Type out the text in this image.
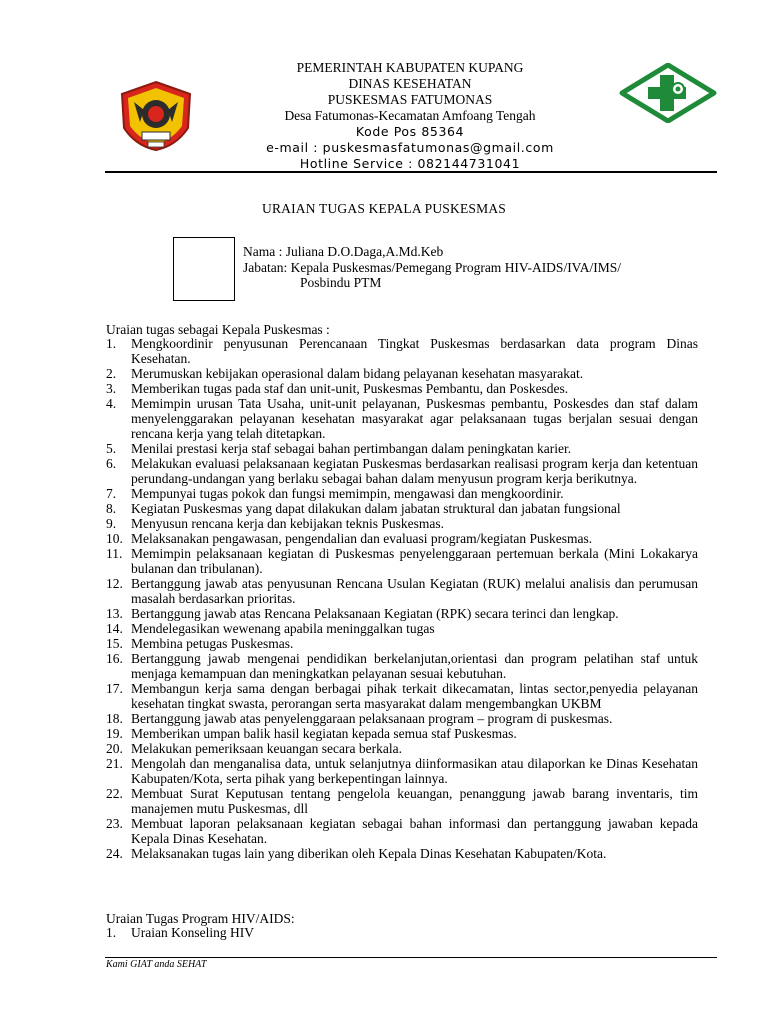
PEMERINTAH KABUPATEN KUPANG
DINAS KESEHATAN
PUSKESMAS FATUMONAS
Desa Fatumonas-Kecamatan Amfoang Tengah
Kode Pos 85364
e-mail : puskesmasfatumonas@gmail.com
Hotline Service : 082144731041
URAIAN TUGAS KEPALA PUSKESMAS
Nama : Juliana D.O.Daga,A.Md.Keb
Jabatan: Kepala Puskesmas/Pemegang Program HIV-AIDS/IVA/IMS/
Posbindu PTM
Uraian tugas sebagai Kepala Puskesmas :
1. Mengkoordinir penyusunan Perencanaan Tingkat Puskesmas berdasarkan data program Dinas Kesehatan.
2. Merumuskan kebijakan operasional dalam bidang pelayanan kesehatan masyarakat.
3. Memberikan tugas pada staf dan unit-unit, Puskesmas Pembantu, dan Poskesdes.
4. Memimpin urusan Tata Usaha, unit-unit pelayanan, Puskesmas pembantu, Poskesdes dan staf dalam menyelenggarakan pelayanan kesehatan masyarakat agar pelaksanaan tugas berjalan sesuai dengan rencana kerja yang telah ditetapkan.
5. Menilai prestasi kerja staf sebagai bahan pertimbangan dalam peningkatan karier.
6. Melakukan evaluasi pelaksanaan kegiatan Puskesmas berdasarkan realisasi program kerja dan ketentuan perundang-undangan yang berlaku sebagai bahan dalam menyusun program kerja berikutnya.
7. Mempunyai tugas pokok dan fungsi memimpin, mengawasi dan mengkoordinir.
8. Kegiatan Puskesmas yang dapat dilakukan dalam jabatan struktural dan jabatan fungsional
9. Menyusun rencana kerja dan kebijakan teknis Puskesmas.
10. Melaksanakan pengawasan, pengendalian dan evaluasi program/kegiatan Puskesmas.
11. Memimpin pelaksanaan kegiatan di Puskesmas penyelenggaraan pertemuan berkala (Mini Lokakarya bulanan dan tribulanan).
12. Bertanggung jawab atas penyusunan Rencana Usulan Kegiatan (RUK) melalui analisis dan perumusan masalah berdasarkan prioritas.
13. Bertanggung jawab atas Rencana Pelaksanaan Kegiatan (RPK) secara terinci dan lengkap.
14. Mendelegasikan wewenang apabila meninggalkan tugas
15. Membina petugas Puskesmas.
16. Bertanggung jawab mengenai pendidikan berkelanjutan,orientasi dan program pelatihan staf untuk menjaga kemampuan dan meningkatkan pelayanan sesuai kebutuhan.
17. Membangun kerja sama dengan berbagai pihak terkait dikecamatan, lintas sector,penyedia pelayanan kesehatan tingkat swasta, perorangan serta masyarakat dalam mengembangkan UKBM
18. Bertanggung jawab atas penyelenggaraan pelaksanaan program – program di puskesmas.
19. Memberikan umpan balik hasil kegiatan kepada semua staf Puskesmas.
20. Melakukan pemeriksaan keuangan secara berkala.
21. Mengolah dan menganalisa data, untuk selanjutnya diinformasikan atau dilaporkan ke Dinas Kesehatan Kabupaten/Kota, serta pihak yang berkepentingan lainnya.
22. Membuat Surat Keputusan tentang pengelola keuangan, penanggung jawab barang inventaris, tim manajemen mutu Puskesmas, dll
23. Membuat laporan pelaksanaan kegiatan sebagai bahan informasi dan pertanggung jawaban kepada Kepala Dinas Kesehatan.
24. Melaksanakan tugas lain yang diberikan oleh Kepala Dinas Kesehatan Kabupaten/Kota.
Uraian Tugas Program HIV/AIDS:
1. Uraian Konseling HIV
Kami GIAT anda SEHAT
